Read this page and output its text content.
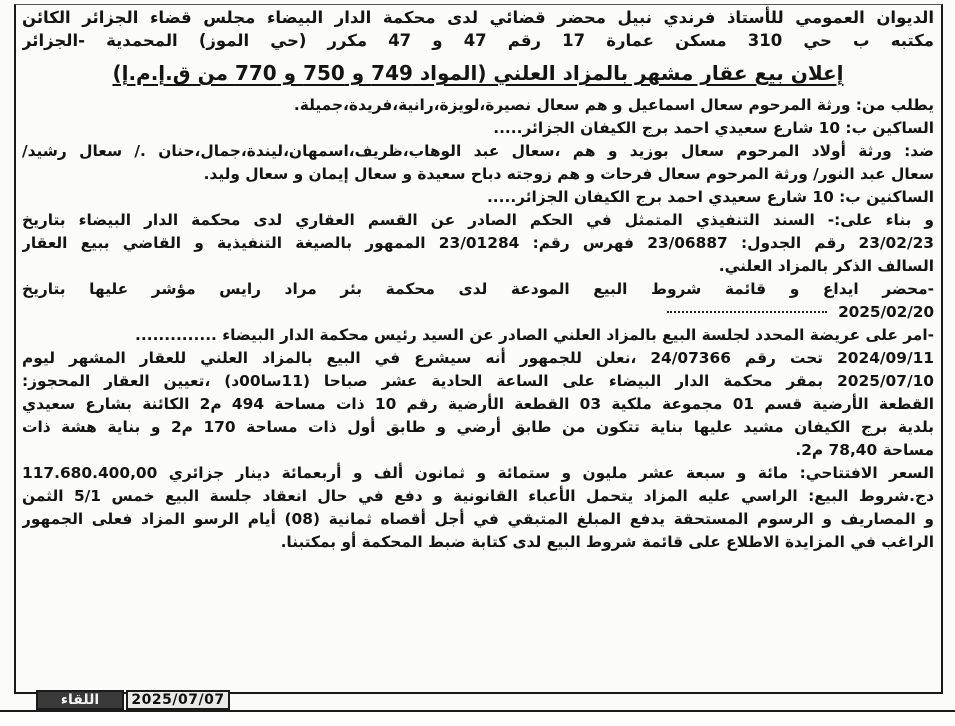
الديوان العمومي للأستاذ فرندي نبيل محضر قضائي لدى محكمة الدار البيضاء مجلس قضاء الجزائر الكائن
مكتبه ب حي 310 مسكن عمارة 17 رقم 47 و 47 مكرر (حي الموز) المحمدية -الجزائر

إعلان بيع عقار مشهر بالمزاد العلني (المواد 749 و 750 و 770 من ق.إ.م.إ)

يطلب من: ورثة المرحوم سعال اسماعيل و هم سعال نصيرة،لويزة،رانية،فريدة،جميلة.
الساكين ب: 10 شارع سعيدي احمد برج الكيفان الجزائر.....

ضد: ورثة أولاد المرحوم سعال بوزيد و هم ،سعال عبد الوهاب،ظريف،اسمهان،ليندة،جمال،حنان ./ سعال رشيد/
سعال عبد النور/ ورثة المرحوم سعال فرحات و هم زوجته دباح سعيدة و سعال إيمان و سعال وليد.
الساكنين ب: 10 شارع سعيدي احمد برج الكيفان الجزائر.....

و بناء على:- السند التنفيذي المتمثل في الحكم الصادر عن القسم العقاري لدى محكمة الدار البيضاء بتاريخ
23/02/23 رقم الجدول: 23/06887 فهرس رقم: 23/01284 الممهور بالصيغة التنفيذية و القاضي ببيع العقار
السالف الذكر بالمزاد العلني.

-محضر ايداع و قائمة شروط البيع المودعة لدى محكمة بئر مراد رايس مؤشر عليها بتاريخ
2025/02/20

-امر على عريضة المحدد لجلسة البيع بالمزاد العلني الصادر عن السيد رئيس محكمة الدار البيضاء ..............
2024/09/11 تحت رقم 24/07366 ،نعلن للجمهور أنه سيشرع في البيع بالمزاد العلني للعقار المشهر ليوم
2025/07/10 بمقر محكمة الدار البيضاء على الساعة الحادية عشر صباحا (11سا00د) ،تعيين العقار المحجوز:
القطعة الأرضية قسم 01 مجموعة ملكية 03 القطعة الأرضية رقم 10 ذات مساحة 494 م2 الكائنة بشارع سعيدي
بلدية برج الكيفان مشيد عليها بناية تتكون من طابق أرضي و طابق أول ذات مساحة 170 م2 و بناية هشة ذات
مساحة 78,40 م2.

السعر الافتتاحي: مائة و سبعة عشر مليون و ستمائة و ثمانون ألف و أربعمائة دينار جزائري 117.680.400,00
دج.شروط البيع: الراسي عليه المزاد يتحمل الأعباء القانونية و دفع في حال انعقاد جلسة البيع خمس 5/1 الثمن
و المصاريف و الرسوم المستحقة يدفع المبلغ المتبقي في أجل أقصاه ثمانية (08) أيام الرسو المزاد فعلى الجمهور
الراغب في المزايدة الاطلاع على قائمة شروط البيع لدى كتابة ضبط المحكمة أو بمكتبنا.

2025/07/07
اللقاء
